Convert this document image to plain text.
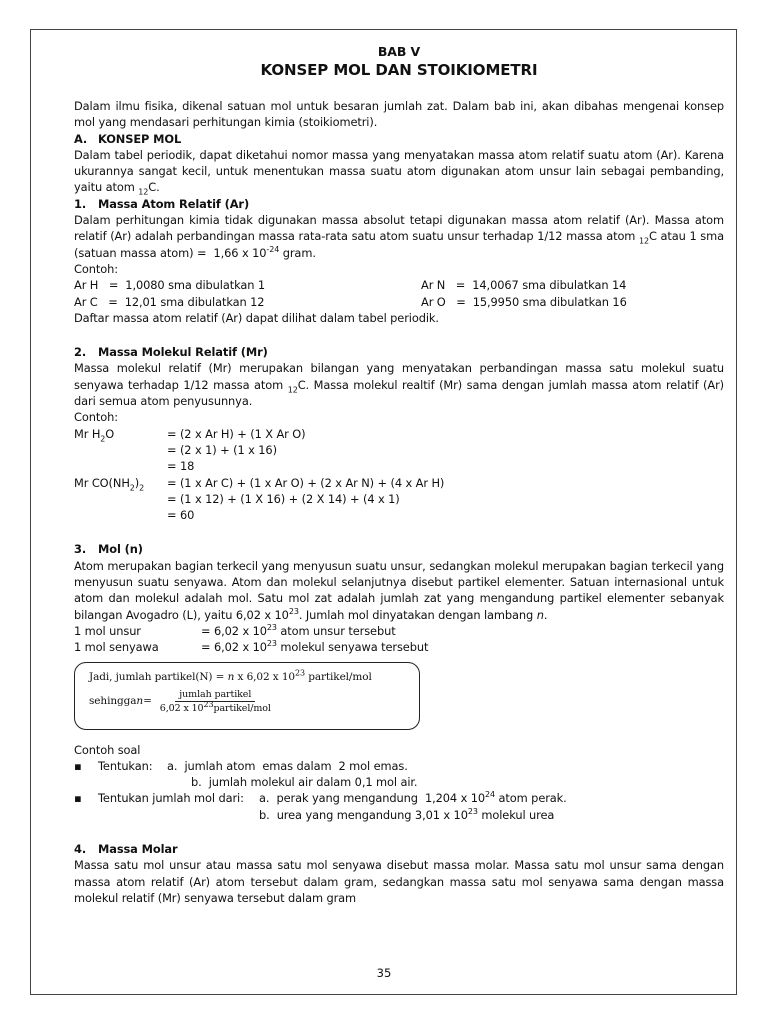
BAB V

KONSEP MOL DAN STOIKIOMETRI

Dalam ilmu fisika, dikenal satuan mol untuk besaran jumlah zat. Dalam bab ini, akan dibahas mengenai konsep mol yang mendasari perhitungan kimia (stoikiometri).

A. KONSEP MOL

Dalam tabel periodik, dapat diketahui nomor massa yang menyatakan massa atom relatif suatu atom (Ar). Karena ukurannya sangat kecil, untuk menentukan massa suatu atom digunakan atom unsur lain sebagai pembanding, yaitu atom $_{12}$C.

1. Massa Atom Relatif (Ar)

Dalam perhitungan kimia tidak digunakan massa absolut tetapi digunakan massa atom relatif (Ar). Massa atom relatif (Ar) adalah perbandingan massa rata-rata satu atom suatu unsur terhadap 1/12 massa atom $_{12}$C atau 1 sma (satuan massa atom) =  1,66 x $10^{-24}$ gram.

Contoh:

Ar H   =  1,0080 sma dibulatkan 1	Ar N   =  14,0067 sma dibulatkan 14
Ar C   =  12,01 sma dibulatkan 12	Ar O   =  15,9950 sma dibulatkan 16

Daftar massa atom relatif (Ar) dapat dilihat dalam tabel periodik.

2. Massa Molekul Relatif (Mr)

Massa molekul relatif (Mr) merupakan bilangan yang menyatakan perbandingan massa satu molekul suatu senyawa terhadap 1/12 massa atom $_{12}$C. Massa molekul realtif (Mr) sama dengan jumlah massa atom relatif (Ar) dari semua atom penyusunnya.

Contoh:

Mr $H_2O$	= (2 x Ar H) + (1 X Ar O)
= (2 x 1) + (1 x 16)
= 18
Mr $CO(NH_2)_2$	= (1 x Ar C) + (1 x Ar O) + (2 x Ar N) + (4 x Ar H)
= (1 x 12) + (1 X 16) + (2 X 14) + (4 x 1)
= 60

3. Mol (n)

Atom merupakan bagian terkecil yang menyusun suatu unsur, sedangkan molekul merupakan bagian terkecil yang menyusun suatu senyawa. Atom dan molekul selanjutnya disebut partikel elementer. Satuan internasional untuk atom dan molekul adalah mol. Satu mol zat adalah jumlah zat yang mengandung partikel elementer sebanyak bilangan Avogadro (L), yaitu 6,02 x $10^{23}$. Jumlah mol dinyatakan dengan lambang n.

1 mol unsur	= 6,02 x $10^{23}$ atom unsur tersebut
1 mol senyawa	= 6,02 x $10^{23}$ molekul senyawa tersebut
Jadi, jumlah partikel(N) = n x 6,02 x $10^{23}$ partikel/mol
sehingga $n = \frac{\text{jumlah partikel}}{6,02 x 10^{23}partikel/mol}$

Contoh soal

▪	Tentukan: a.  jumlah atom  emas dalam  2 mol emas.
b.  jumlah molekul air dalam 0,1 mol air.
▪	Tentukan jumlah mol dari: a.  perak yang mengandung  1,204 x $10^{24}$ atom perak.
b.  urea yang mengandung 3,01 x $10^{23}$ molekul urea

4. Massa Molar

Massa satu mol unsur atau massa satu mol senyawa disebut massa molar. Massa satu mol unsur sama dengan massa atom relatif (Ar) atom tersebut dalam gram, sedangkan massa satu mol senyawa sama dengan massa molekul relatif (Mr) senyawa tersebut dalam gram

35
